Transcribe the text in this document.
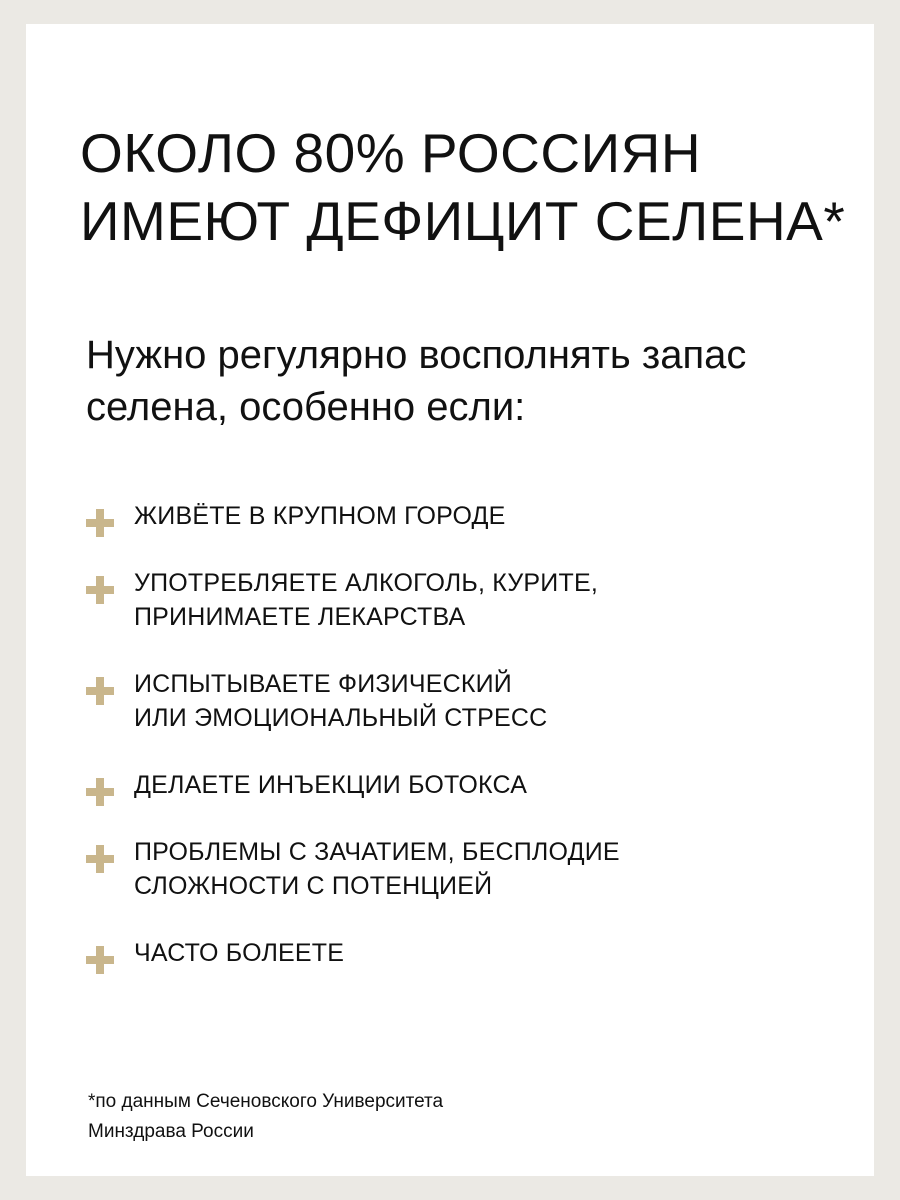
ОКОЛО 80% РОССИЯН
ИМЕЮТ ДЕФИЦИТ СЕЛЕНА*

Нужно регулярно восполнять запас
селена, особенно если:

ЖИВЁТЕ В КРУПНОМ ГОРОДЕ
УПОТРЕБЛЯЕТЕ АЛКОГОЛЬ, КУРИТЕ,
ПРИНИМАЕТЕ ЛЕКАРСТВА
ИСПЫТЫВАЕТЕ ФИЗИЧЕСКИЙ
ИЛИ ЭМОЦИОНАЛЬНЫЙ СТРЕСС
ДЕЛАЕТЕ ИНЪЕКЦИИ БОТОКСА
ПРОБЛЕМЫ С ЗАЧАТИЕМ, БЕСПЛОДИЕ
СЛОЖНОСТИ С ПОТЕНЦИЕЙ
ЧАСТО БОЛЕЕТЕ

*по данным Сеченовского Университета
Минздрава России
